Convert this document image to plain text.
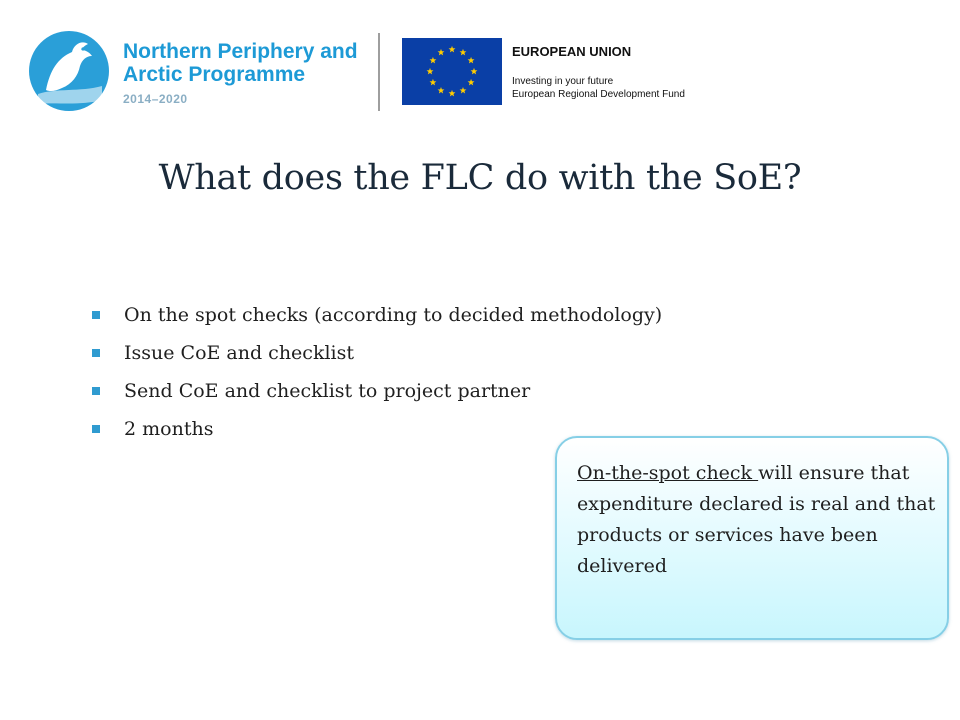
Northern Periphery and
Arctic Programme
2014–2020
EUROPEAN UNION
Investing in your future
European Regional Development Fund
What does the FLC do with the SoE?
On the spot checks (according to decided methodology)
Issue CoE and checklist
Send CoE and checklist to project partner
2 months

On-the-spot check will ensure that expenditure declared is real and that products or services have been delivered
